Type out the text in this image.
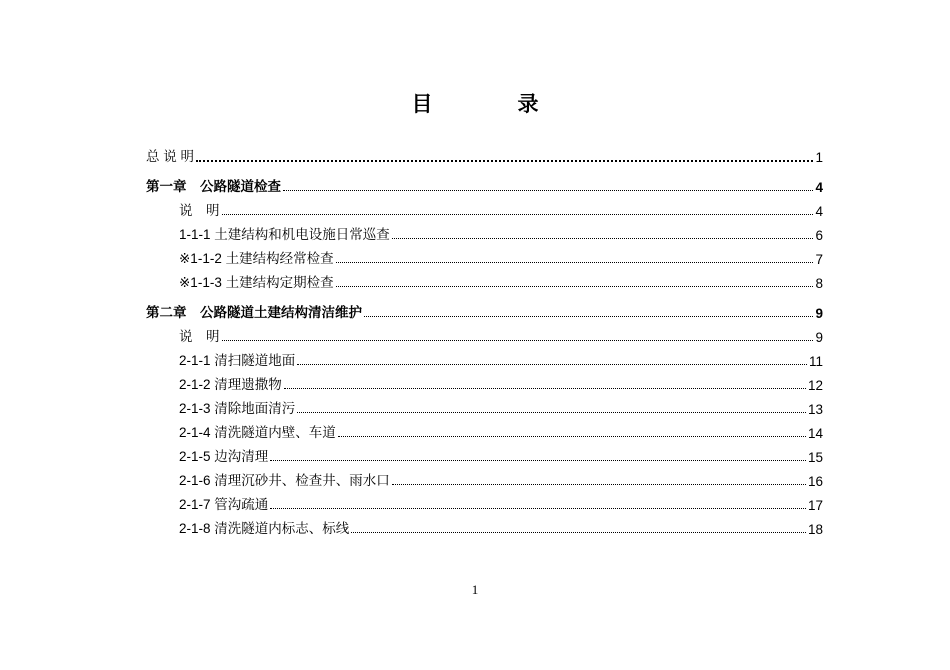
目　录
总 说 明	1
第一章　公路隧道检查	4
说　明	4
1-1-1 土建结构和机电设施日常巡查	6
※1-1-2 土建结构经常检查	7
※1-1-3 土建结构定期检查	8
第二章　公路隧道土建结构清洁维护	9
说　明	9
2-1-1 清扫隧道地面	11
2-1-2 清理遗撒物	12
2-1-3 清除地面清污	13
2-1-4 清洗隧道内壁、车道	14
2-1-5 边沟清理	15
2-1-6 清理沉砂井、检查井、雨水口	16
2-1-7 管沟疏通	17
2-1-8 清洗隧道内标志、标线	18
1
